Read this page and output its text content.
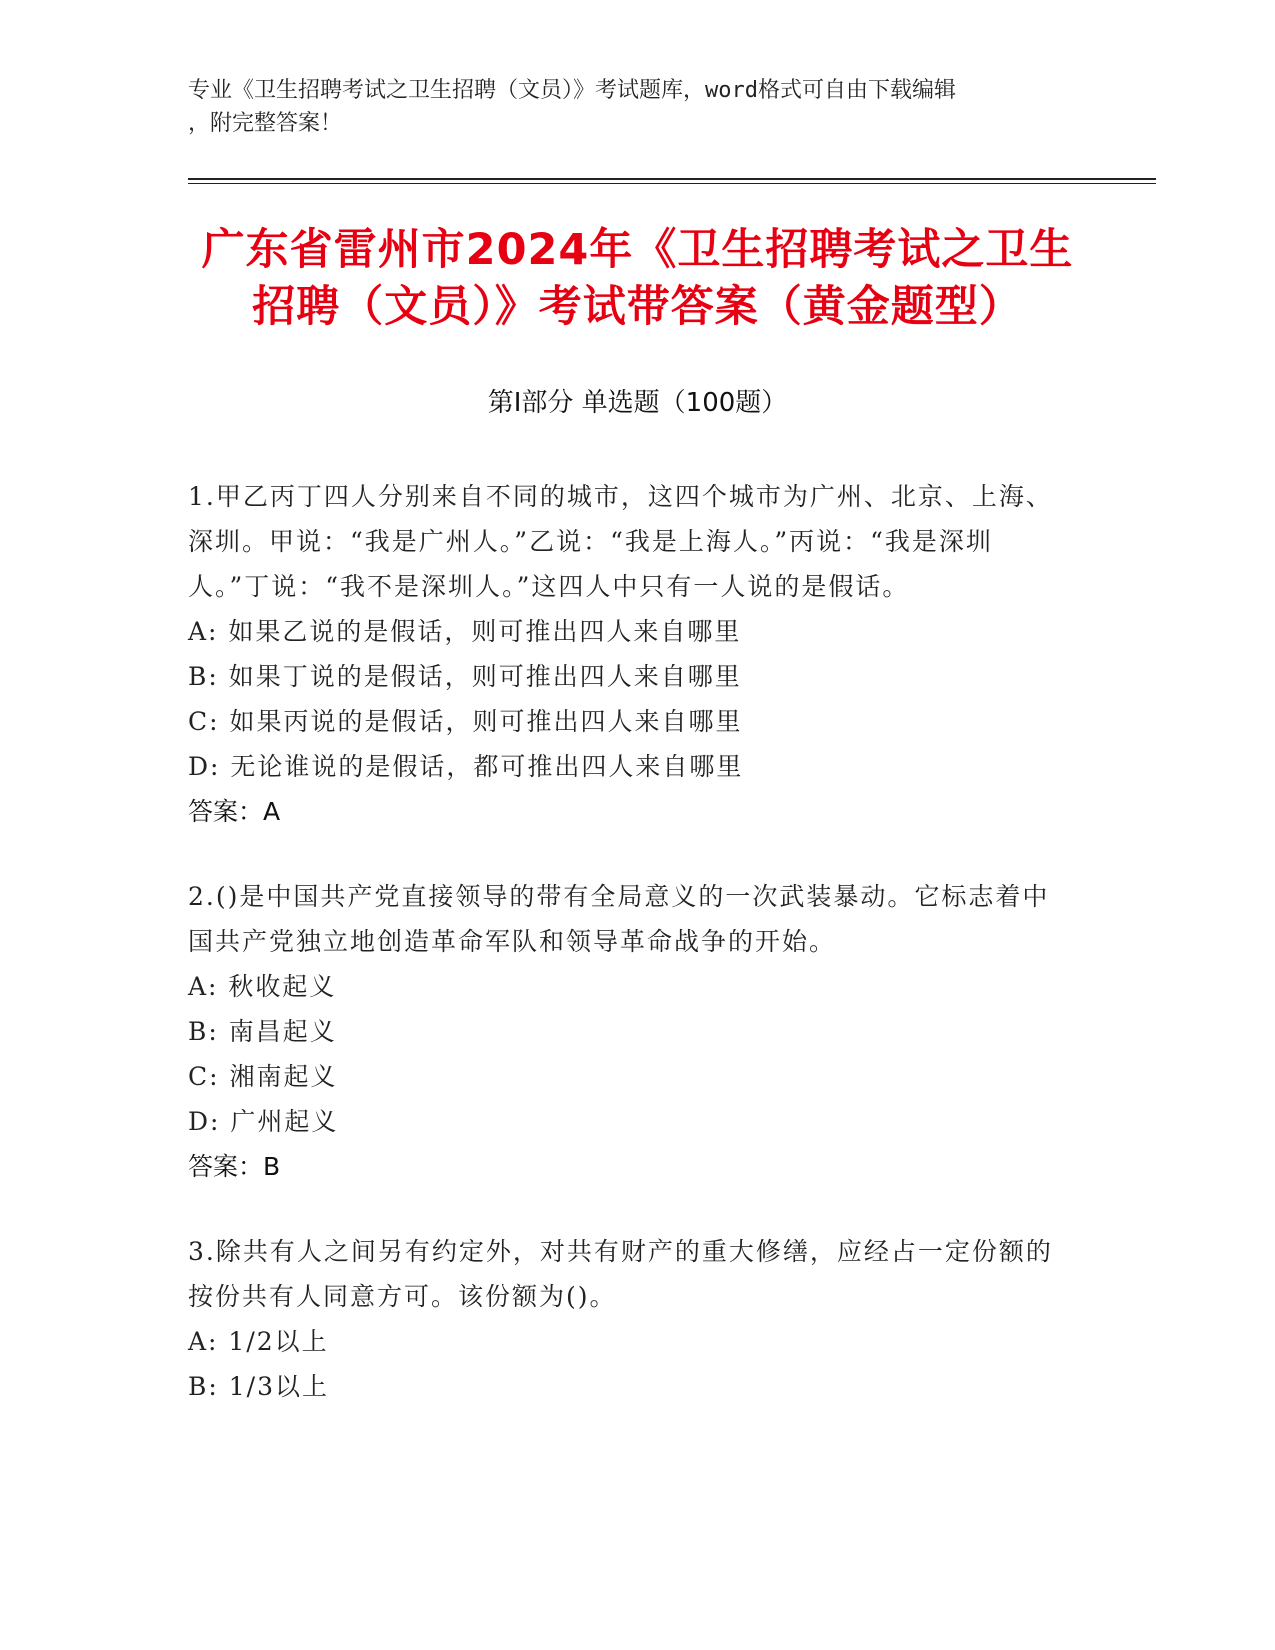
专业《卫生招聘考试之卫生招聘（文员）》考试题库，word格式可自由下载编辑
，附完整答案！
广东省雷州市2024年《卫生招聘考试之卫生
招聘（文员）》考试带答案（黄金题型）
第Ⅰ部分 单选题（100题）
1.甲乙丙丁四人分别来自不同的城市，这四个城市为广州、北京、上海、深圳。甲说：“我是广州人。”乙说：“我是上海人。”丙说：“我是深圳人。”丁说：“我不是深圳人。”这四人中只有一人说的是假话。
A: 如果乙说的是假话，则可推出四人来自哪里
B: 如果丁说的是假话，则可推出四人来自哪里
C: 如果丙说的是假话，则可推出四人来自哪里
D: 无论谁说的是假话，都可推出四人来自哪里
答案：A
2.()是中国共产党直接领导的带有全局意义的一次武装暴动。它标志着中国共产党独立地创造革命军队和领导革命战争的开始。
A: 秋收起义
B: 南昌起义
C: 湘南起义
D: 广州起义
答案：B
3.除共有人之间另有约定外，对共有财产的重大修缮，应经占一定份额的按份共有人同意方可。该份额为()。
A: 1/2以上
B: 1/3以上
